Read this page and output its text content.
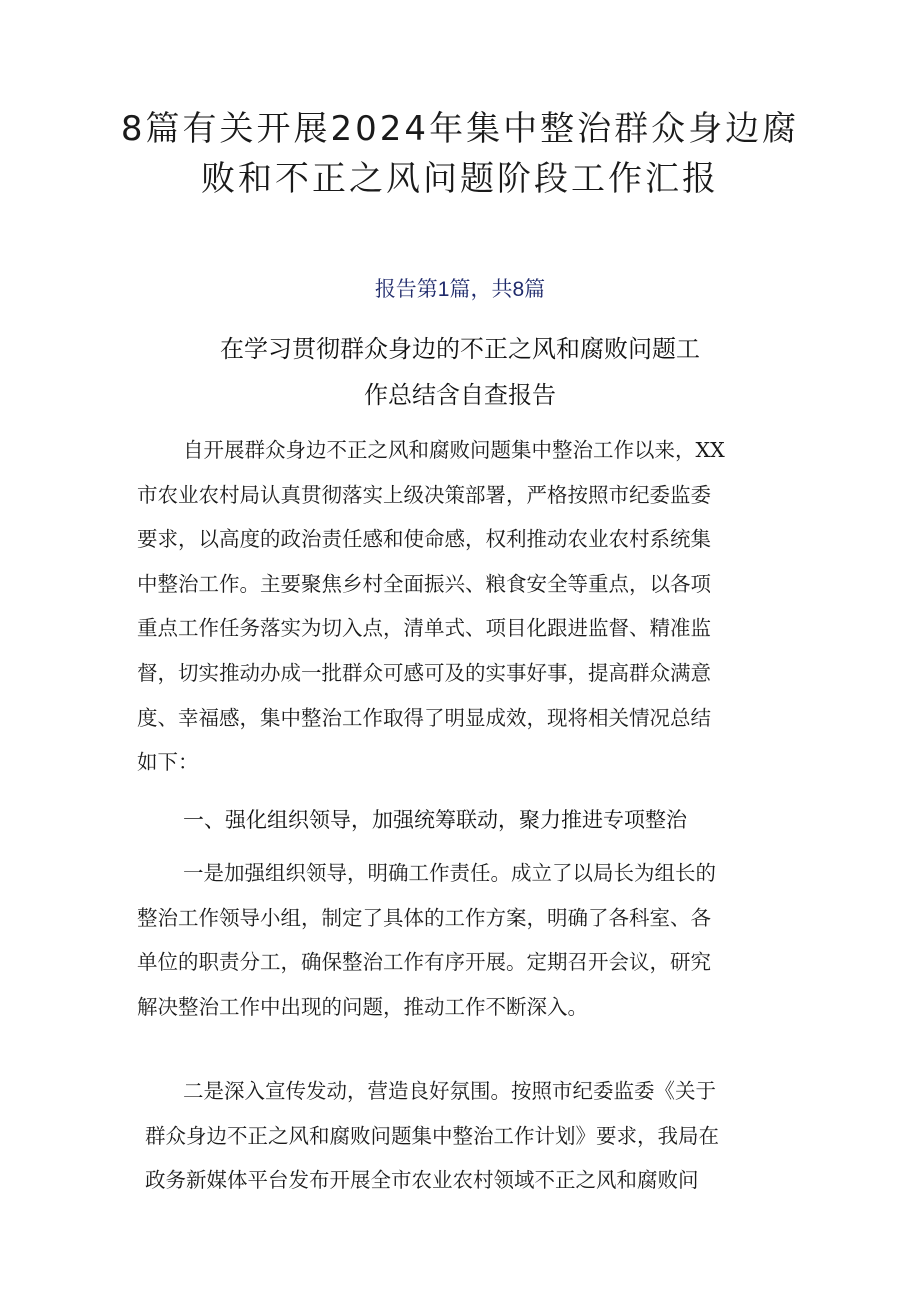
8篇有关开展2024年集中整治群众身边腐
败和不正之风问题阶段工作汇报
报告第1篇，共8篇
在学习贯彻群众身边的不正之风和腐败问题工
作总结含自查报告

自开展群众身边不正之风和腐败问题集中整治工作以来，XX
市农业农村局认真贯彻落实上级决策部署，严格按照市纪委监委
要求，以高度的政治责任感和使命感，权利推动农业农村系统集
中整治工作。主要聚焦乡村全面振兴、粮食安全等重点，以各项
重点工作任务落实为切入点，清单式、项目化跟进监督、精准监
督，切实推动办成一批群众可感可及的实事好事，提高群众满意
度、幸福感，集中整治工作取得了明显成效，现将相关情况总结
如下：

一、强化组织领导，加强统筹联动，聚力推进专项整治

一是加强组织领导，明确工作责任。成立了以局长为组长的
整治工作领导小组，制定了具体的工作方案，明确了各科室、各
单位的职责分工，确保整治工作有序开展。定期召开会议，研究
解决整治工作中出现的问题，推动工作不断深入。

二是深入宣传发动，营造良好氛围。按照市纪委监委《关于
群众身边不正之风和腐败问题集中整治工作计划》要求，我局在
政务新媒体平台发布开展全市农业农村领域不正之风和腐败问
